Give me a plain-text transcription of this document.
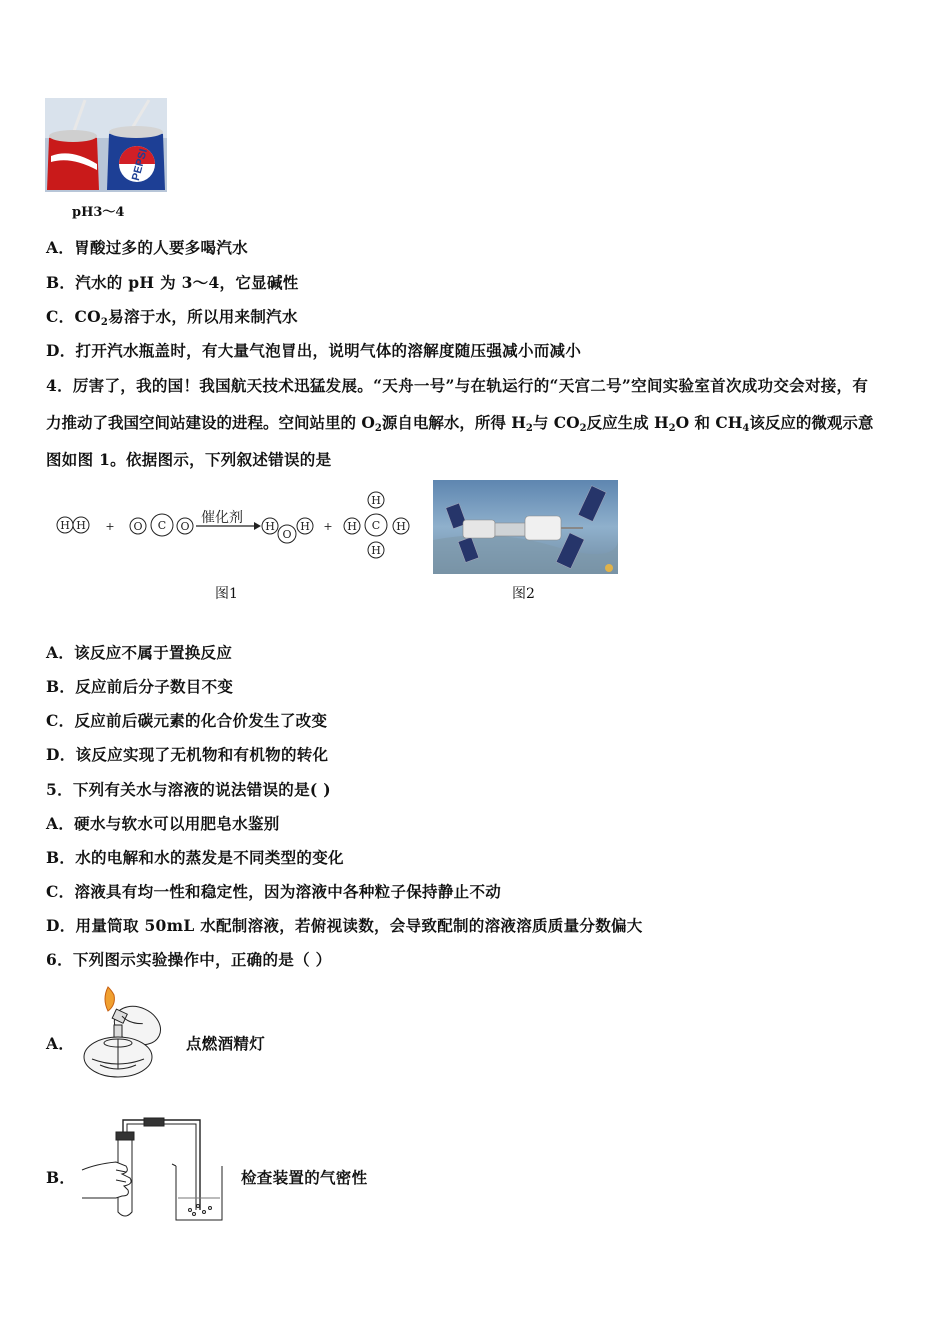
PEPSI
pH3～4
A．胃酸过多的人要多喝汽水
B．汽水的 pH 为 3～4，它显碱性
C．$CO_2$易溶于水，所以用来制汽水
D．打开汽水瓶盖时，有大量气泡冒出，说明气体的溶解度随压强减小而减小
4．厉害了，我的国！我国航天技术迅猛发展。“天舟一号”与在轨运行的“天宫二号”空间实验室首次成功交会对接，有
力推动了我国空间站建设的进程。空间站里的 $O_2$源自电解水，所得 $H_2$与 $CO_2$反应生成 $H_2O$ 和 $CH_4$该反应的微观示意
图如图 1。依据图示，下列叙述错误的是
H H + O C O
催化剂
H
O
H +
H
H C H
H
图1	图2
A．该反应不属于置换反应
B．反应前后分子数目不变
C．反应前后碳元素的化合价发生了改变
D．该反应实现了无机物和有机物的转化
5．下列有关水与溶液的说法错误的是( )
A．硬水与软水可以用肥皂水鉴别
B．水的电解和水的蒸发是不同类型的变化
C．溶液具有均一性和稳定性，因为溶液中各种粒子保持静止不动
D．用量筒取 50mL 水配制溶液，若俯视读数，会导致配制的溶液溶质质量分数偏大
6．下列图示实验操作中，正确的是（ ）
A．	点燃酒精灯
B．	检查装置的气密性
